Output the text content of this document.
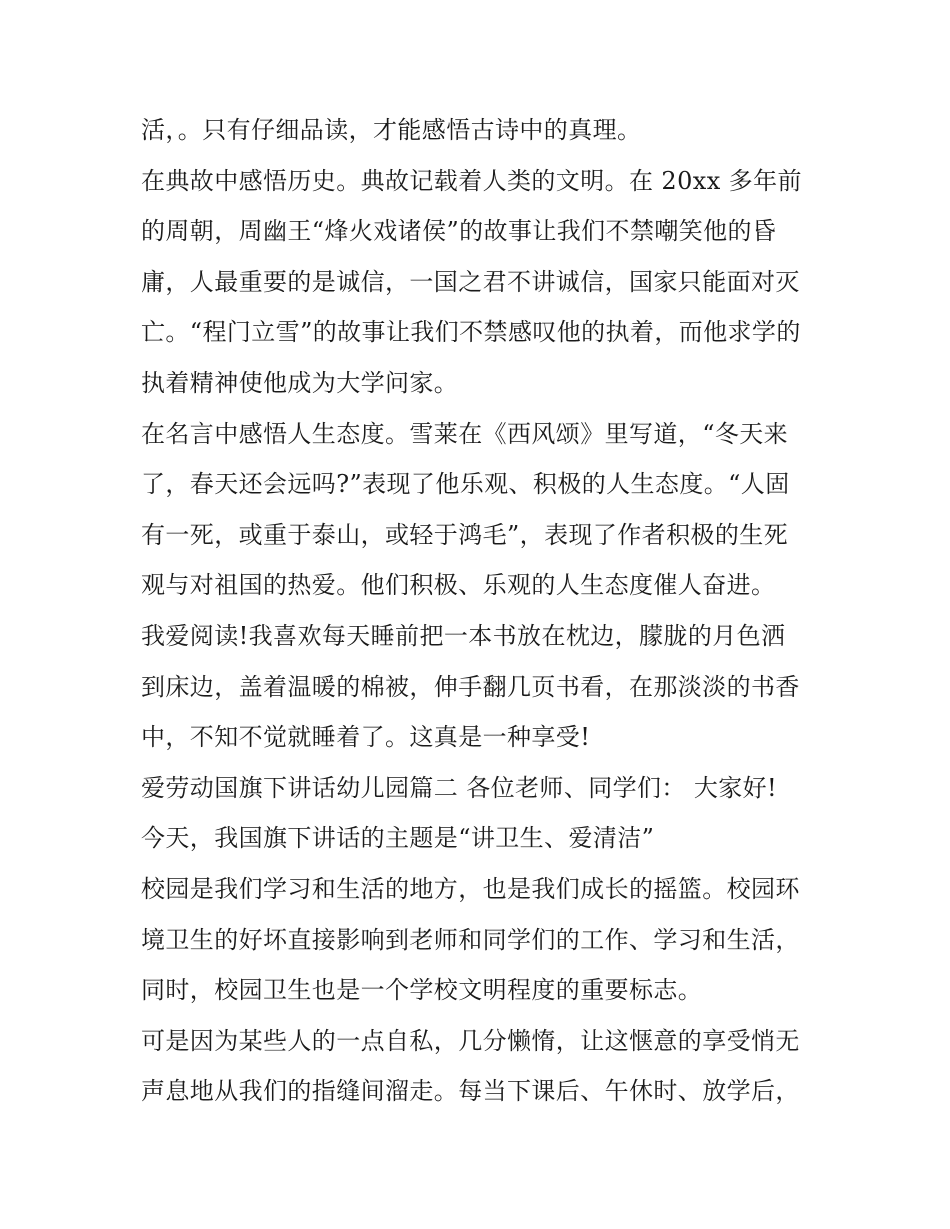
活，。只有仔细品读，才能感悟古诗中的真理。
在典故中感悟历史。典故记载着人类的文明。在 20xx 多年前
的周朝，周幽王“烽火戏诸侯”的故事让我们不禁嘲笑他的昏
庸，人最重要的是诚信，一国之君不讲诚信，国家只能面对灭
亡。“程门立雪”的故事让我们不禁感叹他的执着，而他求学的
执着精神使他成为大学问家。
在名言中感悟人生态度。雪莱在《西风颂》里写道，“冬天来
了，春天还会远吗?”表现了他乐观、积极的人生态度。“人固
有一死，或重于泰山，或轻于鸿毛”，表现了作者积极的生死
观与对祖国的热爱。他们积极、乐观的人生态度催人奋进。
我爱阅读!我喜欢每天睡前把一本书放在枕边，朦胧的月色洒
到床边，盖着温暖的棉被，伸手翻几页书看，在那淡淡的书香
中，不知不觉就睡着了。这真是一种享受!
爱劳动国旗下讲话幼儿园篇二 各位老师、同学们： 大家好!
今天，我国旗下讲话的主题是“讲卫生、爱清洁”
校园是我们学习和生活的地方，也是我们成长的摇篮。校园环
境卫生的好坏直接影响到老师和同学们的工作、学习和生活，
同时，校园卫生也是一个学校文明程度的重要标志。
可是因为某些人的一点自私，几分懒惰，让这惬意的享受悄无
声息地从我们的指缝间溜走。每当下课后、午休时、放学后，
